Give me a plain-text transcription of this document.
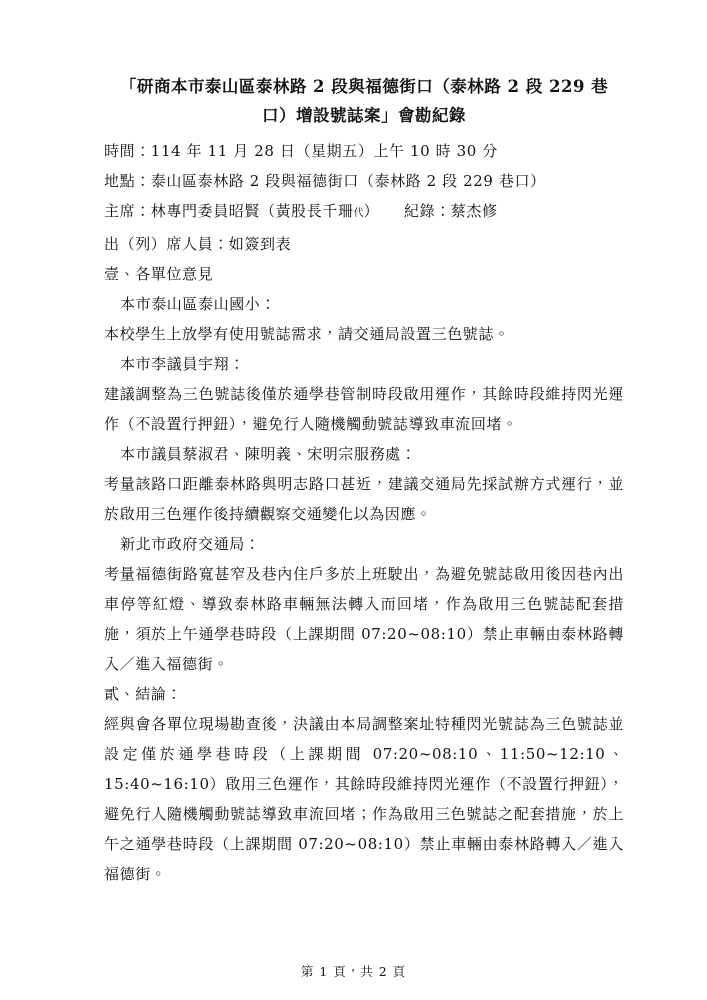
「研商本市泰山區泰林路 2 段與福德街口（泰林路 2 段 229 巷口）增設號誌案」會勘紀錄

時間：114 年 11 月 28 日（星期五）上午 10 時 30 分

地點：泰山區泰林路 2 段與福德街口（泰林路 2 段 229 巷口）

主席：林專門委員昭賢（黃股長千珊代） 紀錄：蔡杰修

出（列）席人員：如簽到表

壹、各單位意見

本市泰山區泰山國小：

本校學生上放學有使用號誌需求，請交通局設置三色號誌。

本市李議員宇翔：

建議調整為三色號誌後僅於通學巷管制時段啟用運作，其餘時段維持閃光運作（不設置行押鈕），避免行人隨機觸動號誌導致車流回堵。

本市議員蔡淑君、陳明義、宋明宗服務處：

考量該路口距離泰林路與明志路口甚近，建議交通局先採試辦方式運行，並於啟用三色運作後持續觀察交通變化以為因應。

新北市政府交通局：

考量福德街路寬甚窄及巷內住戶多於上班駛出，為避免號誌啟用後因巷內出車停等紅燈、導致泰林路車輛無法轉入而回堵，作為啟用三色號誌配套措施，須於上午通學巷時段（上課期間 07:20~08:10）禁止車輛由泰林路轉入／進入福德街。

貳、結論：

經與會各單位現場勘查後，決議由本局調整案址特種閃光號誌為三色號誌並設定僅於通學巷時段（上課期間 07:20~08:10、11:50~12:10、15:40~16:10）啟用三色運作，其餘時段維持閃光運作（不設置行押鈕），避免行人隨機觸動號誌導致車流回堵；作為啟用三色號誌之配套措施，於上午之通學巷時段（上課期間 07:20~08:10）禁止車輛由泰林路轉入／進入福德街。

第 1 頁，共 2 頁
